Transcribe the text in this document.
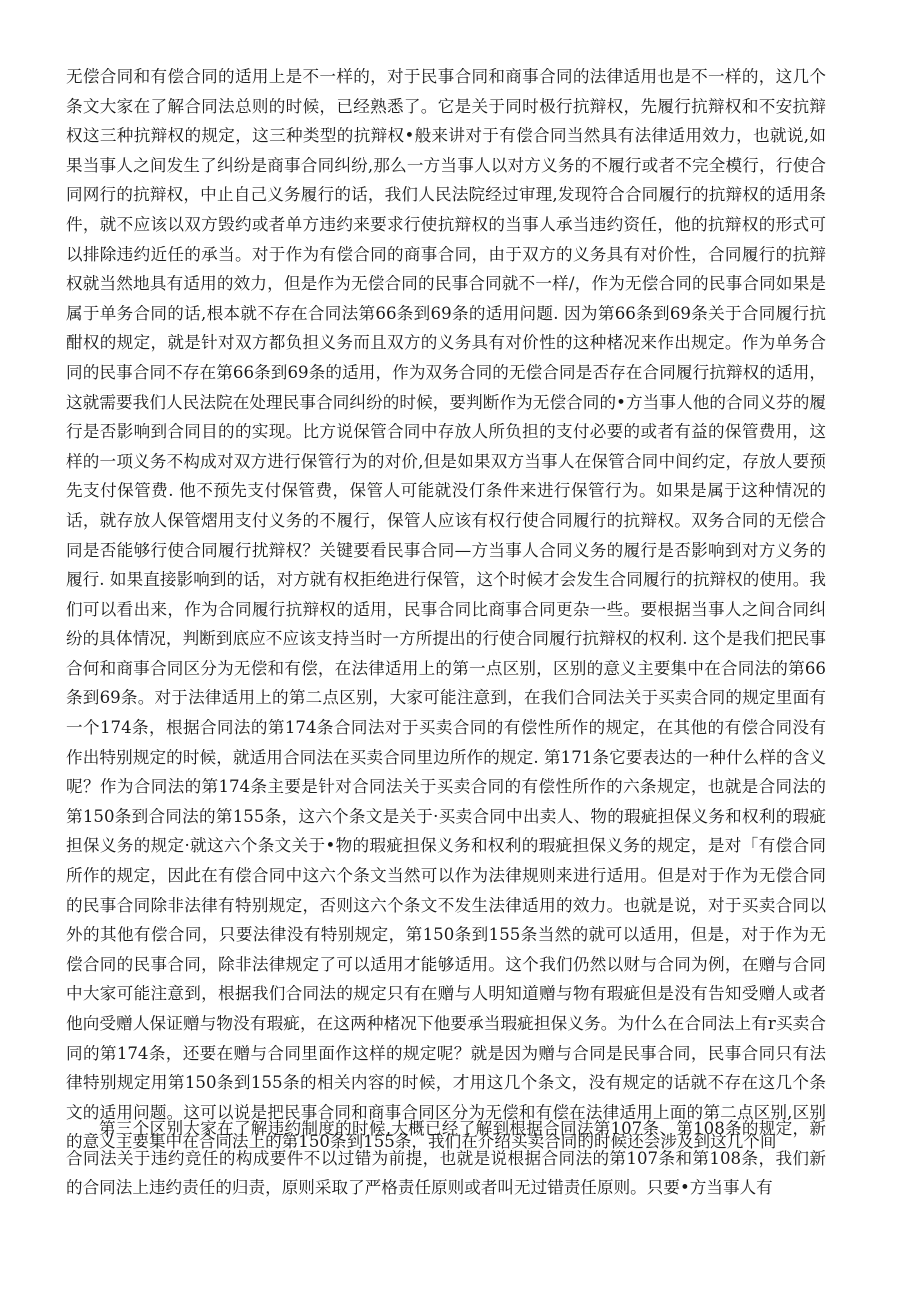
无偿合同和有偿合同的适用上是不一样的，对于民事合同和商事合同的法律适用也是不一样的，这几个条文大家在了解合同法总则的时候，已经熟悉了。它是关于同时极行抗辩权，先履行抗辩权和不安抗辩权这三种抗辩权的规定，这三种类型的抗辩权•般来讲对于有偿合同当然具有法律适用效力，也就说,如果当事人之间发生了纠纷是商事合同纠纷,那么一方当事人以对方义务的不履行或者不完全模行，行使合同网行的抗辩权，中止自己义务履行的话，我们人民法院经过审理,发现符合合同履行的抗辩权的适用条件，就不应该以双方毁约或者单方违约来要求行使抗辩权的当事人承当违约资任，他的抗辩权的形式可以排除违约近任的承当。对于作为有偿合同的商事合同，由于双方的义务具有对价性，合同履行的抗辩权就当然地具有适用的效力，但是作为无偿合同的民事合同就不一样/，作为无偿合同的民事合同如果是属于单务合同的话,根本就不存在合同法第66条到69条的适用问题. 因为第66条到69条关于合同履行抗酣权的规定，就是针对双方都负担义务而且双方的义务具有对价性的这种楮况来作出规定。作为单务合同的民事合同不存在第66条到69条的适用，作为双务合同的无偿合同是否存在合同履行抗辩权的适用，这就需要我们人民法院在处理民事合同纠纷的时候，要判断作为无偿合同的•方当事人他的合同义芬的履行是否影响到合同目的的实现。比方说保管合同中存放人所负担的支付必要的或者有益的保管费用，这样的一项义务不构成对双方进行保管行为的对价,但是如果双方当事人在保管合同中间约定，存放人要预先支付保管费. 他不预先支付保管费，保管人可能就没仃条件来进行保管行为。如果是属于这种情况的话，就存放人保管熠用支付义务的不履行，保管人应该有权行使合同履行的抗辩权。双务合同的无偿合同是否能够行使合同履行扰辩权？关键要看民事合同—方当事人合同义务的履行是否影响到对方义务的履行. 如果直接影响到的话，对方就有权拒绝进行保管，这个时候才会发生合同履行的抗辩权的使用。我们可以看出来，作为合同履行抗辩权的适用，民事合同比商事合同更杂一些。要根据当事人之间合同纠纷的具体情况，判断到底应不应该支持当时一方所提出的行使合同履行抗辩权的权利. 这个是我们把民事合何和商事合同区分为无偿和有偿，在法律适用上的第一点区别，区别的意义主要集中在合同法的第66条到69条。对于法律适用上的第二点区别，大家可能注意到，在我们合同法关于买卖合同的规定里面有一个174条，根据合同法的第174条合同法对于买卖合同的有偿性所作的规定，在其他的有偿合同没有作出特别规定的时候，就适用合同法在买卖合同里边所作的规定. 第171条它要表达的一种什么样的含义呢？作为合同法的第174条主要是针对合同法关于买卖合同的有偿性所作的六条规定，也就是合同法的第150条到合同法的第155条，这六个条文是关于·买卖合同中出卖人、物的瑕疵担保义务和权利的瑕疵担保义务的规定·就这六个条文关于•物的瑕疵担保义务和权利的瑕疵担保义务的规定，是对「有偿合同所作的规定，因此在有偿合同中这六个条文当然可以作为法律规则来进行适用。但是对于作为无偿合同的民事合同除非法律有特别规定，否则这六个条文不发生法律适用的效力。也就是说，对于买卖合同以外的其他有偿合同，只要法律没有特别规定，第150条到155条当然的就可以适用，但是，对于作为无偿合同的民事合同，除非法律规定了可以适用才能够适用。这个我们仍然以财与合同为例，在赠与合同中大家可能注意到，根据我们合同法的规定只有在赠与人明知道赠与物有瑕疵但是没有告知受赠人或者他向受赠人保证赠与物没有瑕疵，在这两种楮况下他要承当瑕疵担保义务。为什么在合同法上有r买卖合同的第174条，还要在赠与合同里面作这样的规定呢？就是因为赠与合同是民事合同，民事合同只有法律特别规定用第150条到155条的相关内容的时候，才用这几个条文，没有规定的话就不存在这几个条文的适用问题。这可以说是把民事合同和商事合同区分为无偿和有偿在法律适用上面的第二点区别,区别的意义主要集中在合同法上的第150条到155条，我们在介绍买卖合同的时候还会涉及到这几个间

第三个区别大家在了解违约制度的时候,大概已经了解到根据合同法第107条、第108条的规定，新合同法关于违约竞任的构成要件不以过错为前提，也就是说根据合同法的第107条和第108条，我们新的合同法上违约责任的归责，原则采取了严格责任原则或者叫无过错责任原则。只要•方当事人有
